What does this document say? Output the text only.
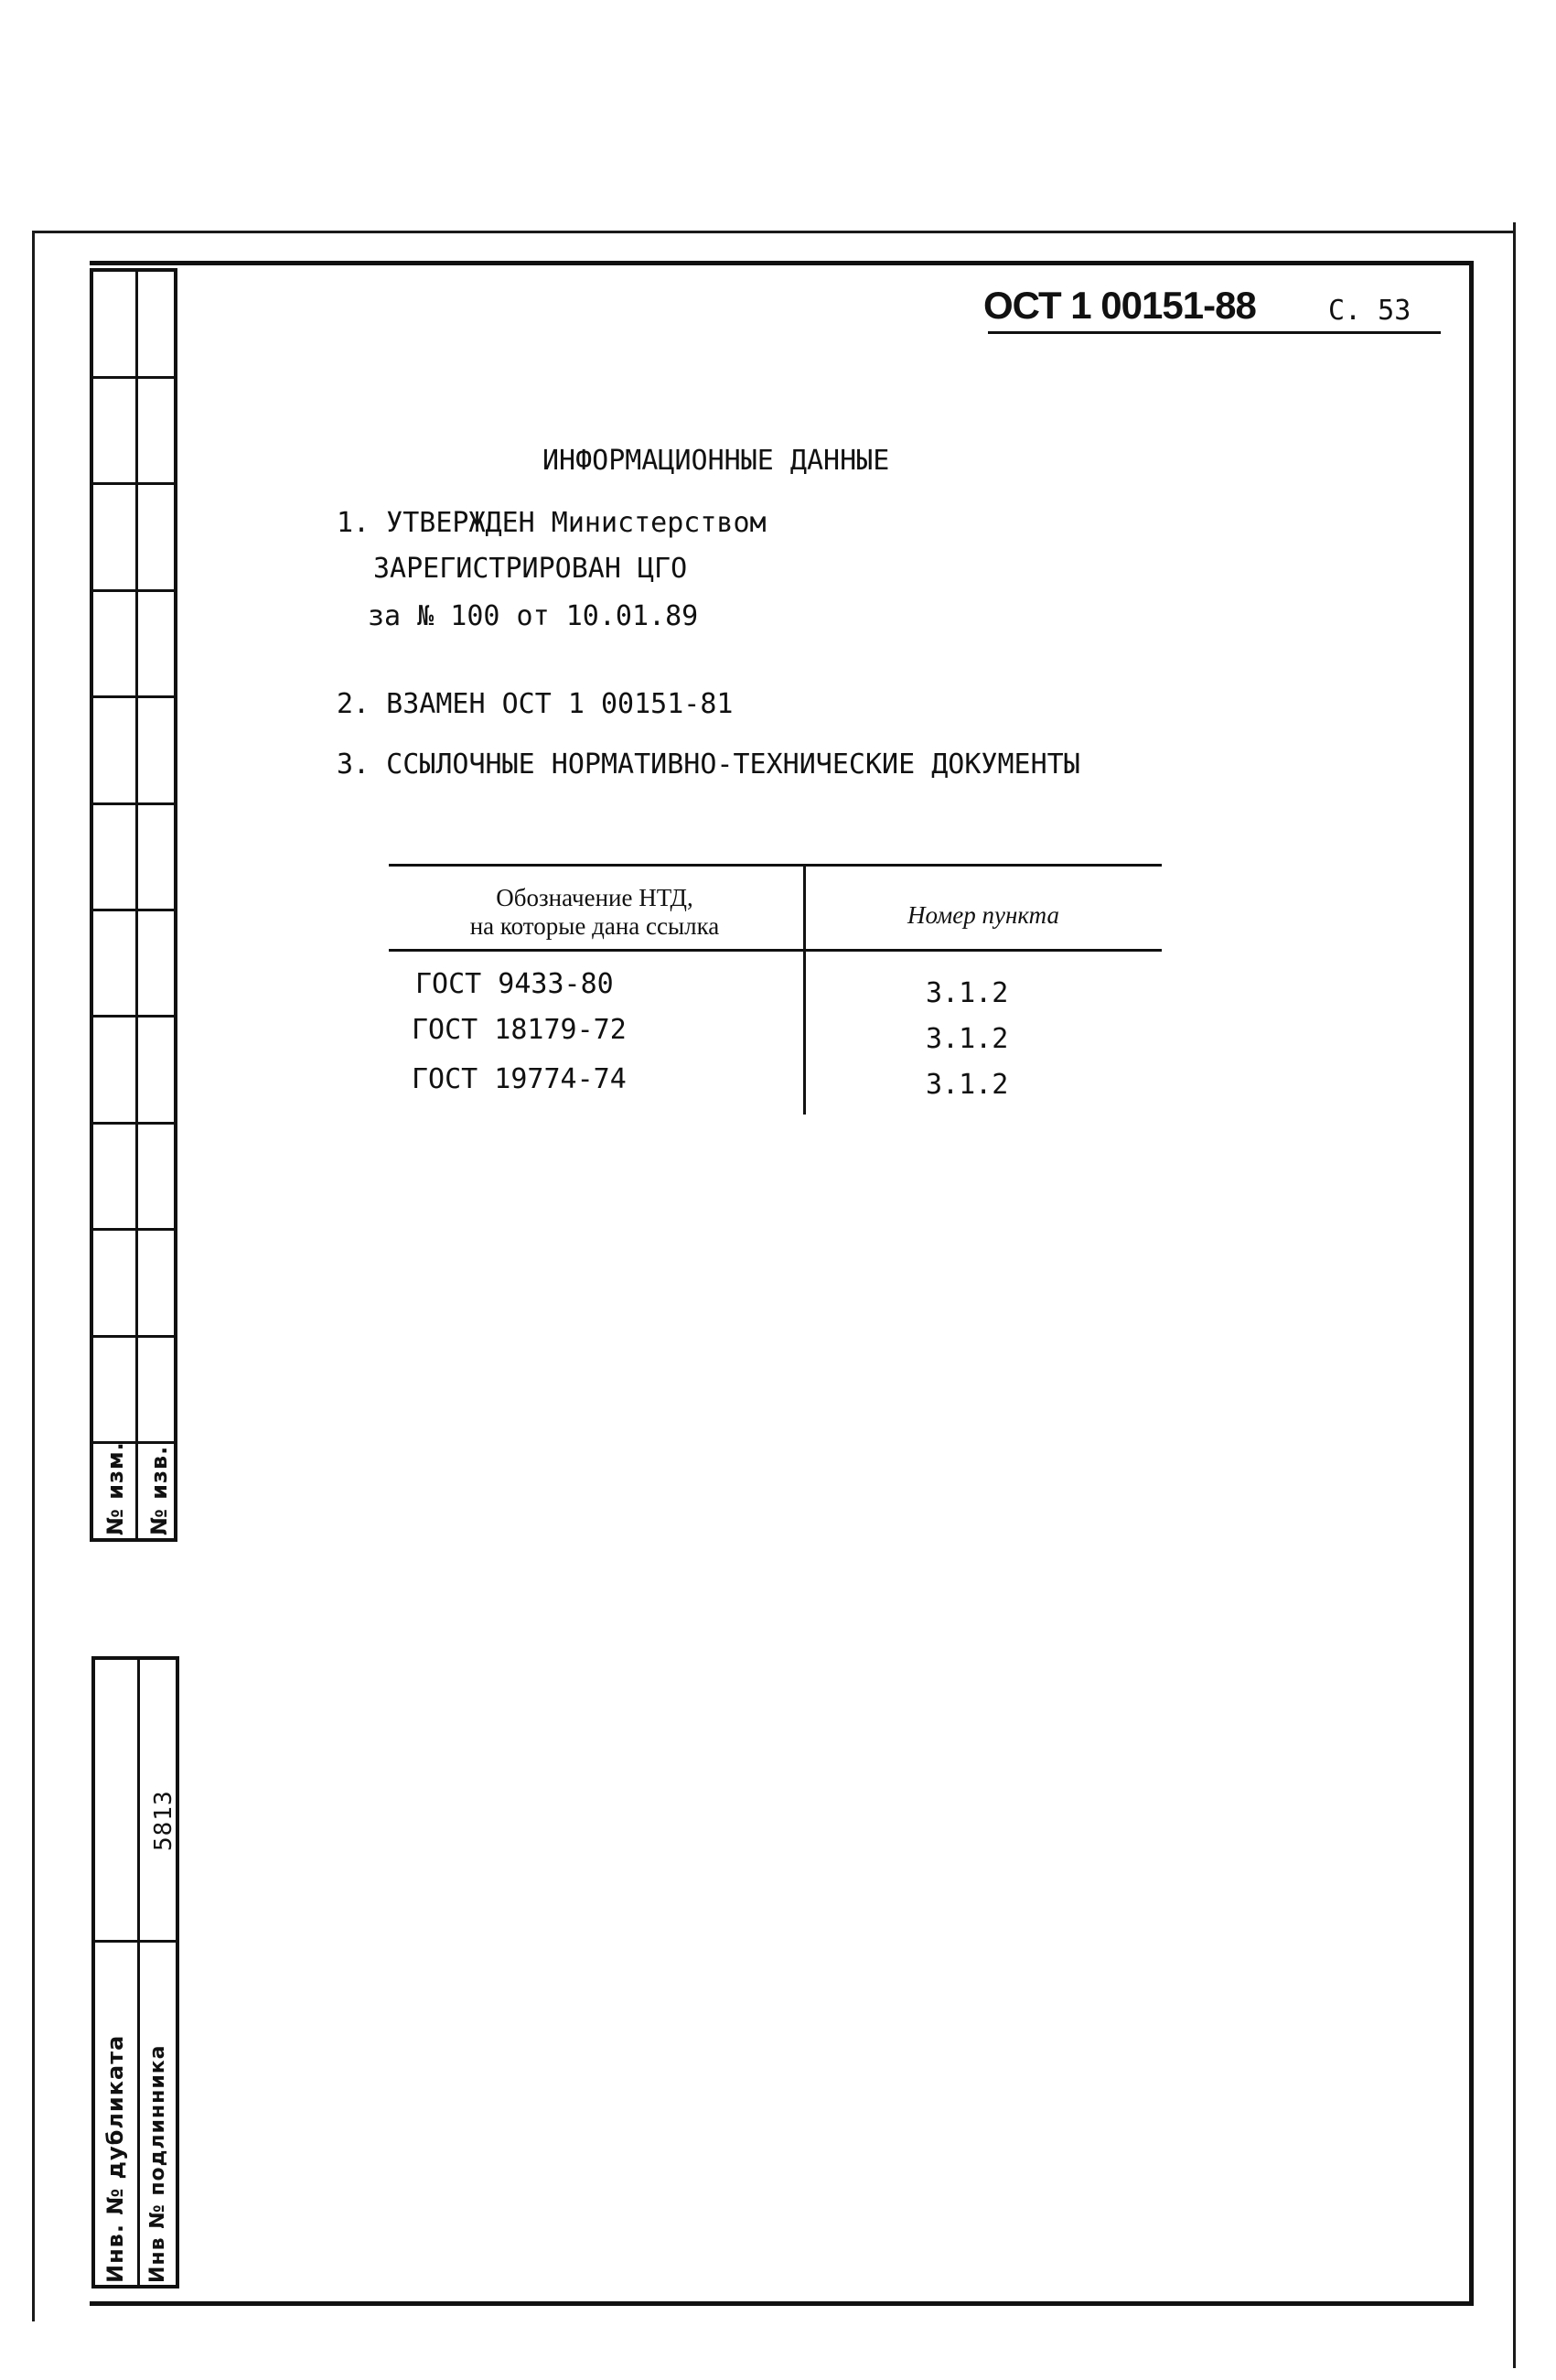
№ изм. № изв.
Инв. № дубликата Инв № подлинника
5813
ОСТ 1 00151-88	С. 53
ИНФОРМАЦИОННЫЕ ДАННЫЕ
1. УТВЕРЖДЕН Министерством
ЗАРЕГИСТРИРОВАН ЦГО
за № 100 от 10.01.89
2. ВЗАМЕН ОСТ 1 00151-81
3. ССЫЛОЧНЫЕ НОРМАТИВНО-ТЕХНИЧЕСКИЕ ДОКУМЕНТЫ
Обозначение НТД,
на которые дана ссылка	Номер пункта
ГОСТ 9433-80	3.1.2
ГОСТ 18179-72	3.1.2
ГОСТ 19774-74	3.1.2
